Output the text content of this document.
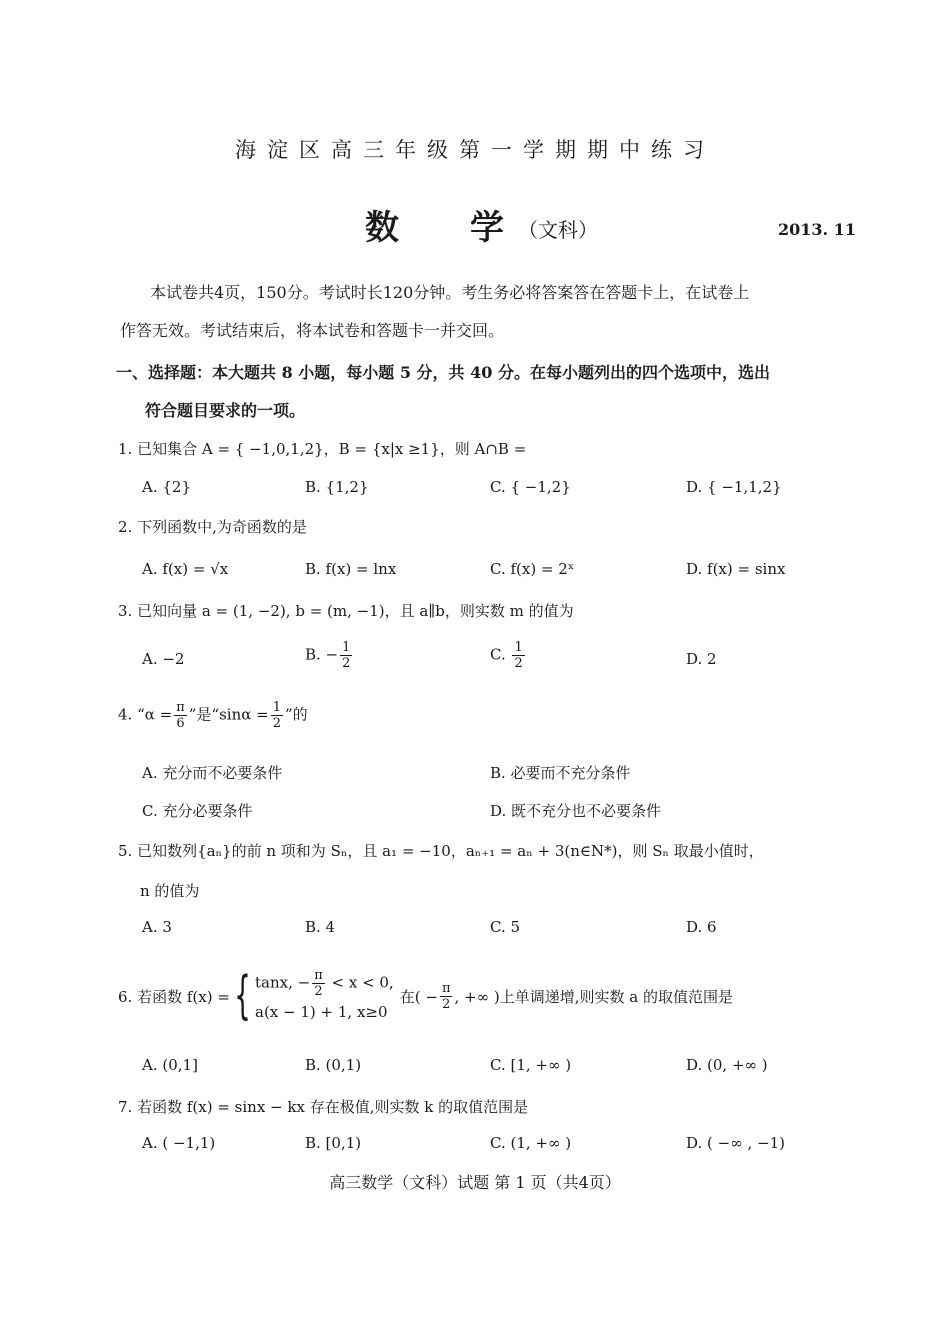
海淀区高三年级第一学期期中练习
数 学 （文科）	2013. 11
本试卷共4页，150分。考试时长120分钟。考生务必将答案答在答题卡上，在试卷上
作答无效。考试结束后，将本试卷和答题卡一并交回。
一、选择题：本大题共 8 小题，每小题 5 分，共 40 分。在每小题列出的四个选项中，选出
符合题目要求的一项。
1. 已知集合 A = { −1,0,1,2}，B = {x|x ≥1}，则 A∩B =
A. {2}	B. {1,2}	C. { −1,2}	D. { −1,1,2}
2. 下列函数中,为奇函数的是
A. f(x) = √x	B. f(x) = lnx	C. f(x) = 2ˣ	D. f(x) = sinx
3. 已知向量 a = (1, −2), b = (m, −1)，且 a∥b，则实数 m 的值为
A. −2	B. − $\frac{1}{2}$	C. $\frac{1}{2}$	D. 2
4. “$\alpha = \frac{\pi}{6}$ ”是“$\sin\alpha = \frac{1}{2}$ ”的
A. 充分而不必要条件	B. 必要而不充分条件
C. 充分必要条件	D. 既不充分也不必要条件
5. 已知数列{aₙ}的前 n 项和为 Sₙ，且 a₁ = −10，aₙ₊₁ = aₙ + 3(n∈N*)，则 Sₙ 取最小值时，
n 的值为
A. 3	B. 4	C. 5	D. 6
6. 若函数 f(x) = { tanx, − $\frac{\pi}{2} < x < 0$,
a(x − 1) + 1, x≥0
在( − $\frac{\pi}{2}$ , +∞ )上单调递增,则实数 a 的取值范围是
A. (0,1]	B. (0,1)	C. [1, +∞ )	D. (0, +∞ )
7. 若函数 f(x) = sinx − kx 存在极值,则实数 k 的取值范围是
A. ( −1,1)	B. [0,1)	C. (1, +∞ )	D. ( −∞ , −1)
高三数学（文科）试题 第 1 页（共4页）
